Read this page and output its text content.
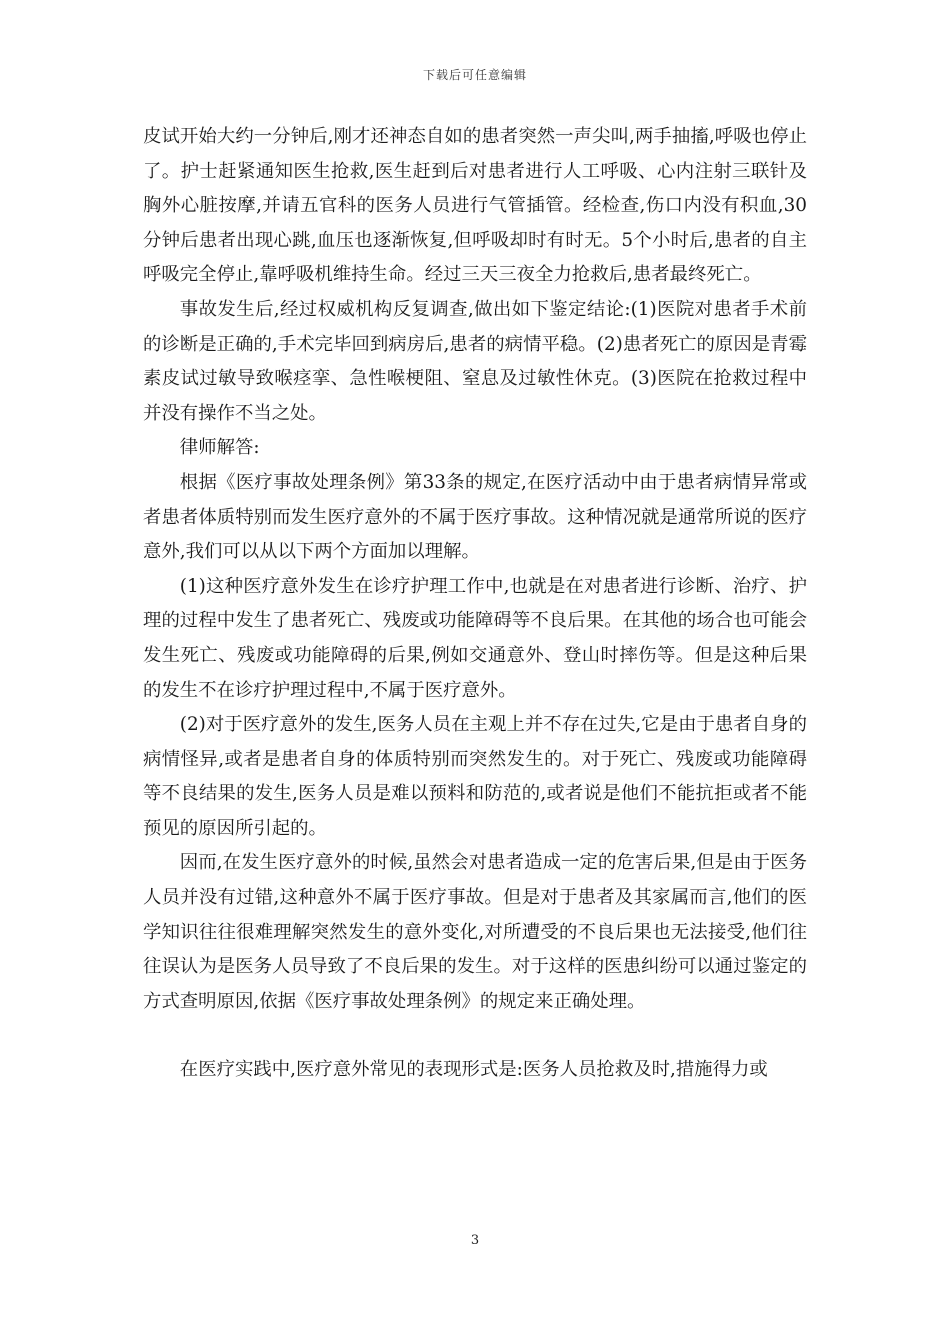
下载后可任意编辑

皮试开始大约一分钟后,刚才还神态自如的患者突然一声尖叫,两手抽搐,呼吸也停止了。护士赶紧通知医生抢救,医生赶到后对患者进行人工呼吸、心内注射三联针及胸外心脏按摩,并请五官科的医务人员进行气管插管。经检查,伤口内没有积血,30分钟后患者出现心跳,血压也逐渐恢复,但呼吸却时有时无。5个小时后,患者的自主呼吸完全停止,靠呼吸机维持生命。经过三天三夜全力抢救后,患者最终死亡。

事故发生后,经过权威机构反复调查,做出如下鉴定结论:(1)医院对患者手术前的诊断是正确的,手术完毕回到病房后,患者的病情平稳。(2)患者死亡的原因是青霉素皮试过敏导致喉痉挛、急性喉梗阻、窒息及过敏性休克。(3)医院在抢救过程中并没有操作不当之处。

律师解答:

根据《医疗事故处理条例》第33条的规定,在医疗活动中由于患者病情异常或者患者体质特别而发生医疗意外的不属于医疗事故。这种情况就是通常所说的医疗意外,我们可以从以下两个方面加以理解。

(1)这种医疗意外发生在诊疗护理工作中,也就是在对患者进行诊断、治疗、护理的过程中发生了患者死亡、残废或功能障碍等不良后果。在其他的场合也可能会发生死亡、残废或功能障碍的后果,例如交通意外、登山时摔伤等。但是这种后果的发生不在诊疗护理过程中,不属于医疗意外。

(2)对于医疗意外的发生,医务人员在主观上并不存在过失,它是由于患者自身的病情怪异,或者是患者自身的体质特别而突然发生的。对于死亡、残废或功能障碍等不良结果的发生,医务人员是难以预料和防范的,或者说是他们不能抗拒或者不能预见的原因所引起的。

因而,在发生医疗意外的时候,虽然会对患者造成一定的危害后果,但是由于医务人员并没有过错,这种意外不属于医疗事故。但是对于患者及其家属而言,他们的医学知识往往很难理解突然发生的意外变化,对所遭受的不良后果也无法接受,他们往往误认为是医务人员导致了不良后果的发生。对于这样的医患纠纷可以通过鉴定的方式查明原因,依据《医疗事故处理条例》的规定来正确处理。

在医疗实践中,医疗意外常见的表现形式是:医务人员抢救及时,措施得力或

3
